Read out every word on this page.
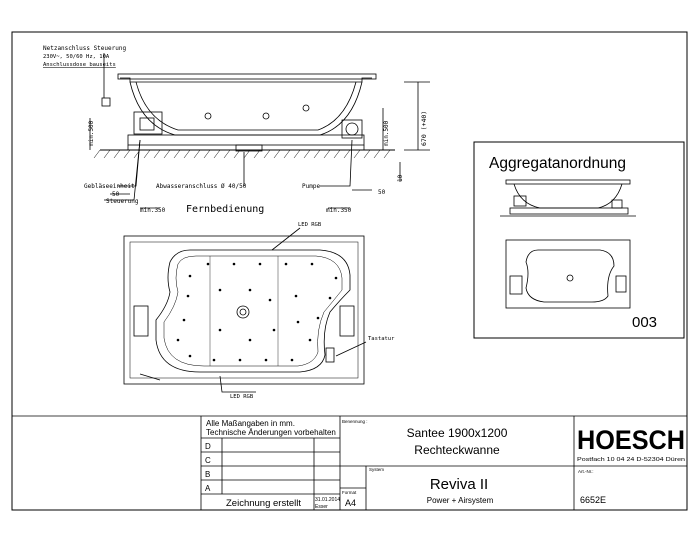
Netzanschluss Steuerung
230V~, 50/60 Hz, 10A
Anschlussdose bauseits
Gebläseeinheit
Steuerung
Abwasseranschluss Ø 40/50	Pumpe
Fernbedienung
50
min.350	min.350
50
min.500	min.500	670 (+40)
10
LED RGB
LED RGB
Tastatur
Aggregatanordnung
003
Alle Maßangaben in mm.
Technische Änderungen vorbehalten
D
C
B
A
Zeichnung erstellt	31.01.2014
Esser
Format
A4
Benennung :
Santee 1900x1200
Rechteckwanne
System
Reviva II
Power + Airsystem
HOESCH
Postfach 10 04 24 D-52304 Düren
Art.-Nr.:
6652E
